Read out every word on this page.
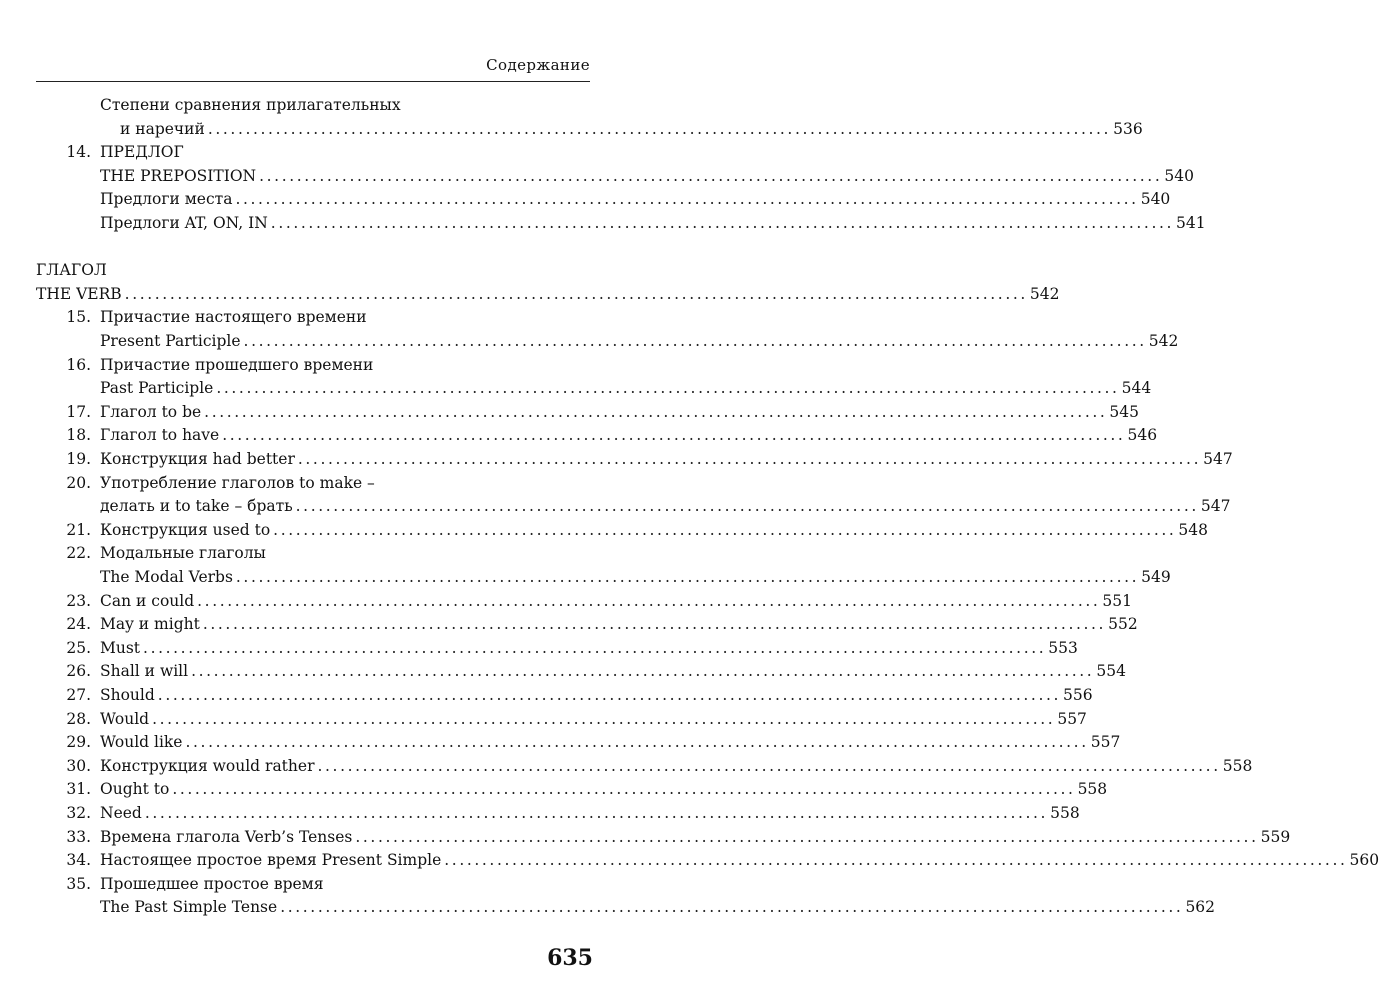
Содержание
Степени сравнения прилагательных
и наречий ........................................................................................................................ 536
14. ПРЕДЛОГ
THE PREPOSITION ........................................................................................................................ 540
Предлоги места ........................................................................................................................ 540
Предлоги AT, ON, IN ........................................................................................................................ 541
ГЛАГОЛ
THE VERB ........................................................................................................................ 542
15. Причастие настоящего времени
Present Participle ........................................................................................................................ 542
16. Причастие прошедшего времени
Past Participle ........................................................................................................................ 544
17. Глагол to be ........................................................................................................................ 545
18. Глагол to have ........................................................................................................................ 546
19. Конструкция had better ........................................................................................................................ 547
20. Употребление глаголов to make –
делать и to take – брать ........................................................................................................................ 547
21. Конструкция used to ........................................................................................................................ 548
22. Модальные глаголы
The Modal Verbs ........................................................................................................................ 549
23. Can и could ........................................................................................................................ 551
24. May и might ........................................................................................................................ 552
25. Must ........................................................................................................................ 553
26. Shall и will ........................................................................................................................ 554
27. Should ........................................................................................................................ 556
28. Would ........................................................................................................................ 557
29. Would like ........................................................................................................................ 557
30. Конструкция would rather ........................................................................................................................ 558
31. Ought to ........................................................................................................................ 558
32. Need ........................................................................................................................ 558
33. Времена глагола Verb’s Tenses ........................................................................................................................ 559
34. Настоящее простое время Present Simple ........................................................................................................................ 560
35. Прошедшее простое время
The Past Simple Tense ........................................................................................................................ 562
635
